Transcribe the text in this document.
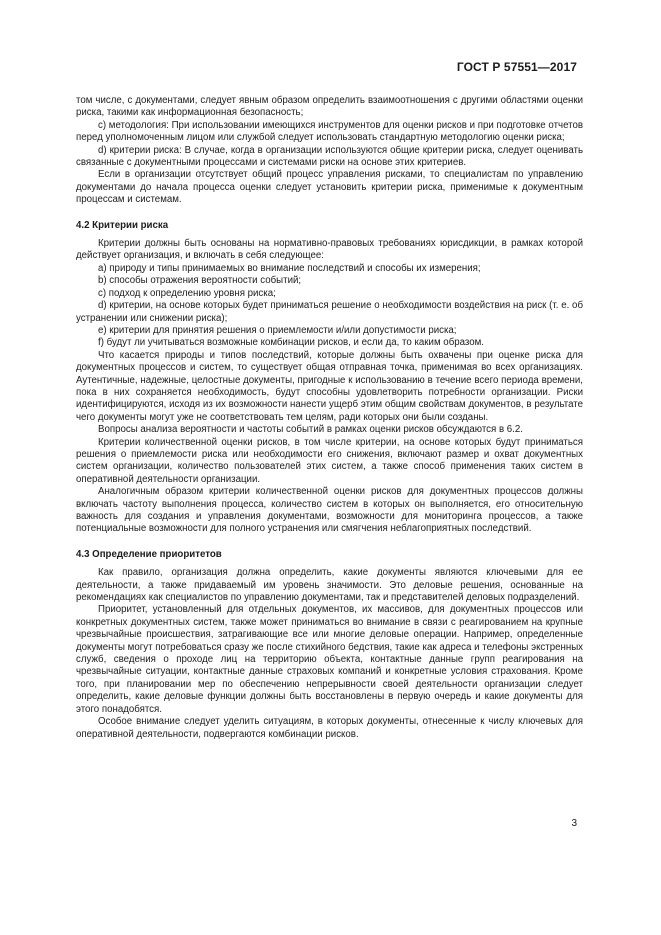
ГОСТ Р 57551—2017

том числе, с документами, следует явным образом определить взаимоотношения с другими областями оценки риска, такими как информационная безопасность;

c) методология: При использовании имеющихся инструментов для оценки рисков и при подготовке отчетов перед уполномоченным лицом или службой следует использовать стандартную методологию оценки риска;

d) критерии риска: В случае, когда в организации используются общие критерии риска, следует оценивать связанные с документными процессами и системами риски на основе этих критериев.

Если в организации отсутствует общий процесс управления рисками, то специалистам по управлению документами до начала процесса оценки следует установить критерии риска, применимые к документным процессам и системам.

4.2 Критерии риска

Критерии должны быть основаны на нормативно-правовых требованиях юрисдикции, в рамках которой действует организация, и включать в себя следующее:

a) природу и типы принимаемых во внимание последствий и способы их измерения;

b) способы отражения вероятности событий;

c) подход к определению уровня риска;

d) критерии, на основе которых будет приниматься решение о необходимости воздействия на риск (т. е. об устранении или снижении риска);

e) критерии для принятия решения о приемлемости и/или допустимости риска;

f) будут ли учитываться возможные комбинации рисков, и если да, то каким образом.

Что касается природы и типов последствий, которые должны быть охвачены при оценке риска для документных процессов и систем, то существует общая отправная точка, применимая во всех организациях. Аутентичные, надежные, целостные документы, пригодные к использованию в течение всего периода времени, пока в них сохраняется необходимость, будут способны удовлетворить потребности организации. Риски идентифицируются, исходя из их возможности нанести ущерб этим общим свойствам документов, в результате чего документы могут уже не соответствовать тем целям, ради которых они были созданы.

Вопросы анализа вероятности и частоты событий в рамках оценки рисков обсуждаются в 6.2.

Критерии количественной оценки рисков, в том числе критерии, на основе которых будут приниматься решения о приемлемости риска или необходимости его снижения, включают размер и охват документных систем организации, количество пользователей этих систем, а также способ применения таких систем в оперативной деятельности организации.

Аналогичным образом критерии количественной оценки рисков для документных процессов должны включать частоту выполнения процесса, количество систем в которых он выполняется, его относительную важность для создания и управления документами, возможности для мониторинга процессов, а также потенциальные возможности для полного устранения или смягчения неблагоприятных последствий.

4.3 Определение приоритетов

Как правило, организация должна определить, какие документы являются ключевыми для ее деятельности, а также придаваемый им уровень значимости. Это деловые решения, основанные на рекомендациях как специалистов по управлению документами, так и представителей деловых подразделений.

Приоритет, установленный для отдельных документов, их массивов, для документных процессов или конкретных документных систем, также может приниматься во внимание в связи с реагированием на крупные чрезвычайные происшествия, затрагивающие все или многие деловые операции. Например, определенные документы могут потребоваться сразу же после стихийного бедствия, такие как адреса и телефоны экстренных служб, сведения о проходе лиц на территорию объекта, контактные данные групп реагирования на чрезвычайные ситуации, контактные данные страховых компаний и конкретные условия страхования. Кроме того, при планировании мер по обеспечению непрерывности своей деятельности организации следует определить, какие деловые функции должны быть восстановлены в первую очередь и какие документы для этого понадобятся.

Особое внимание следует уделить ситуациям, в которых документы, отнесенные к числу ключевых для оперативной деятельности, подвергаются комбинации рисков.

3
